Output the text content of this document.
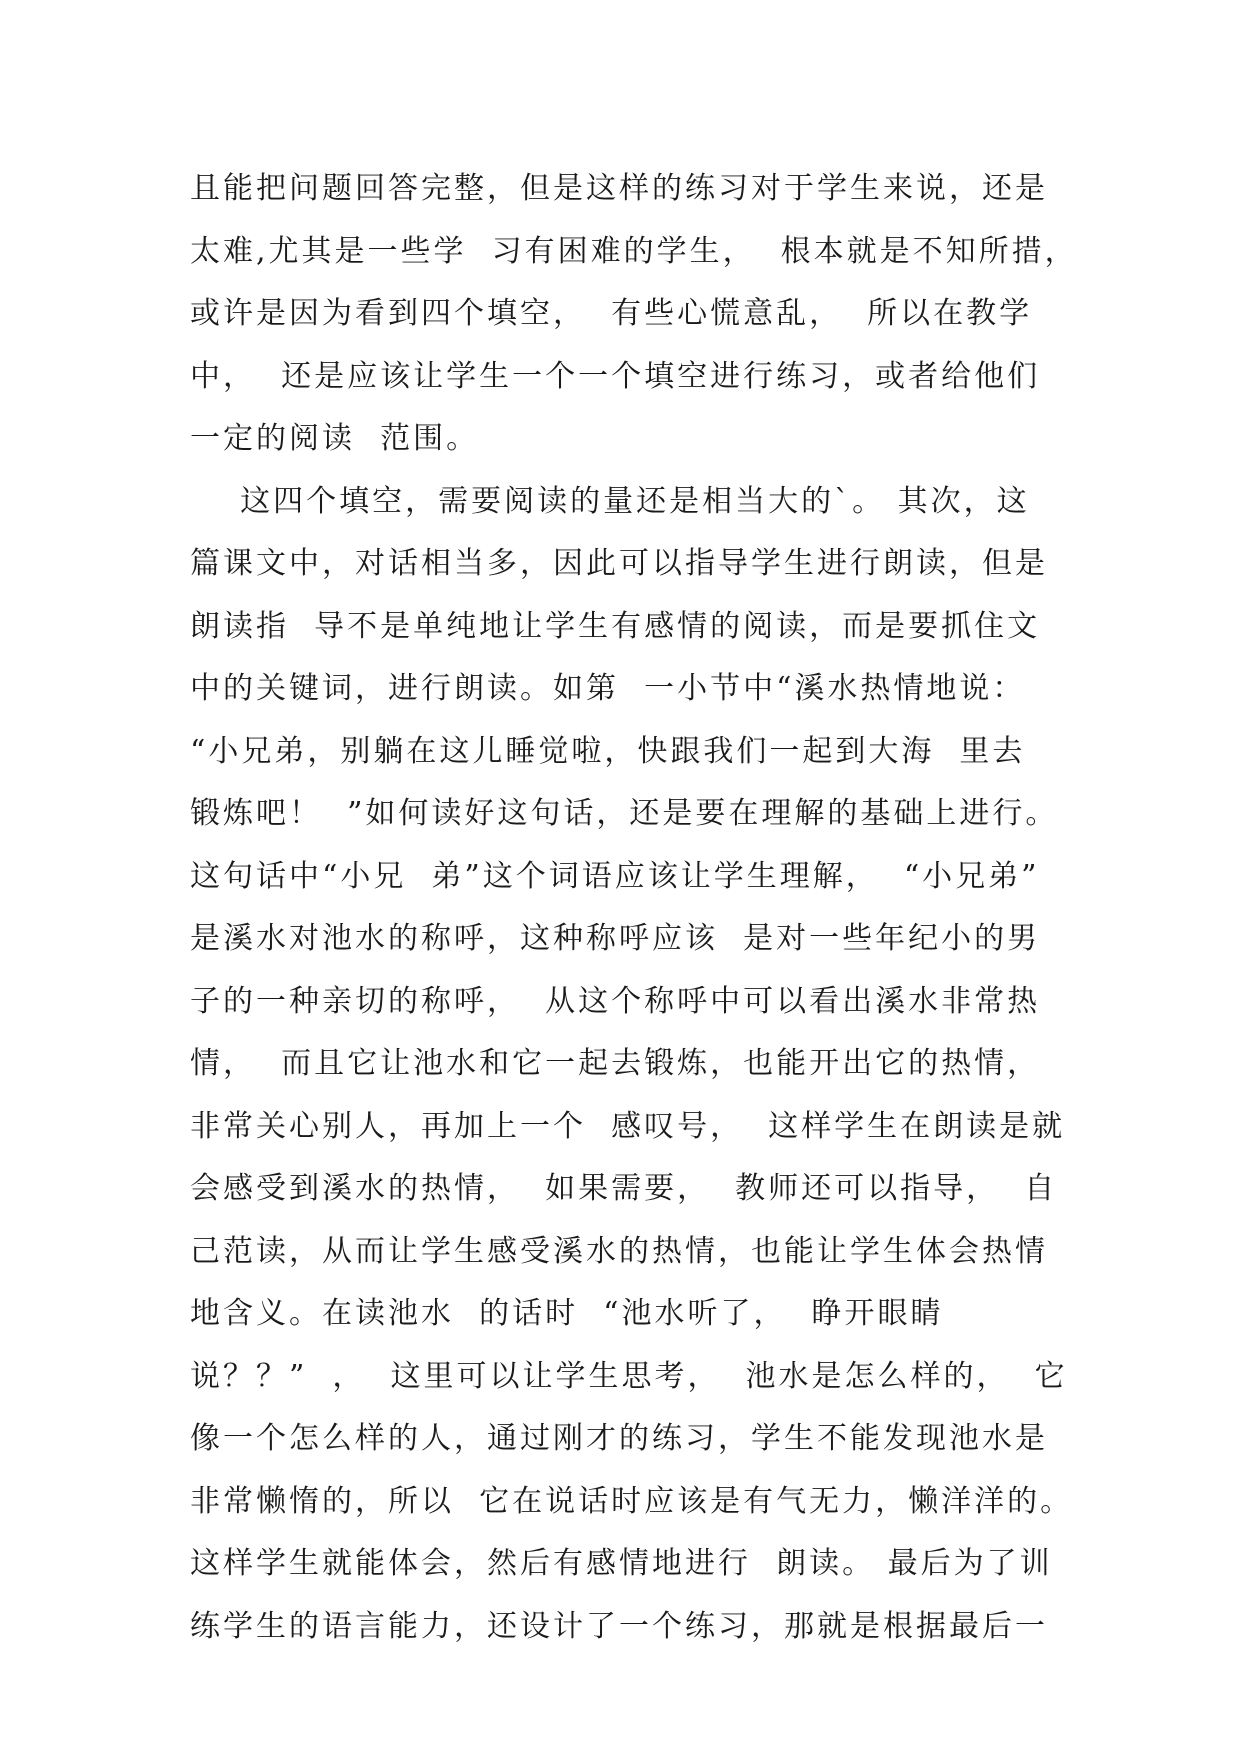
且能把问题回答完整，但是这样的练习对于学生来说，还是
太难,尤其是一些学  习有困难的学生，  根本就是不知所措，
或许是因为看到四个填空，  有些心慌意乱，  所以在教学
中，  还是应该让学生一个一个填空进行练习，或者给他们
一定的阅读  范围。
这四个填空，需要阅读的量还是相当大的`。 其次，这
篇课文中，对话相当多，因此可以指导学生进行朗读，但是
朗读指  导不是单纯地让学生有感情的阅读，而是要抓住文
中的关键词，进行朗读。如第  一小节中“溪水热情地说：
“小兄弟，别躺在这儿睡觉啦，快跟我们一起到大海  里去
锻炼吧！  ”如何读好这句话，还是要在理解的基础上进行。
这句话中“小兄  弟”这个词语应该让学生理解，  “小兄弟”
是溪水对池水的称呼，这种称呼应该  是对一些年纪小的男
子的一种亲切的称呼，  从这个称呼中可以看出溪水非常热
情，  而且它让池水和它一起去锻炼，也能开出它的热情，
非常关心别人，再加上一个  感叹号，  这样学生在朗读是就
会感受到溪水的热情，  如果需要，  教师还可以指导，  自
己范读，从而让学生感受溪水的热情，也能让学生体会热情
地含义。在读池水  的话时  “池水听了，  睁开眼睛
说？？”  ，  这里可以让学生思考，  池水是怎么样的，  它
像一个怎么样的人，通过刚才的练习，学生不能发现池水是
非常懒惰的，所以  它在说话时应该是有气无力，懒洋洋的。
这样学生就能体会，然后有感情地进行  朗读。 最后为了训
练学生的语言能力，还设计了一个练习，那就是根据最后一
